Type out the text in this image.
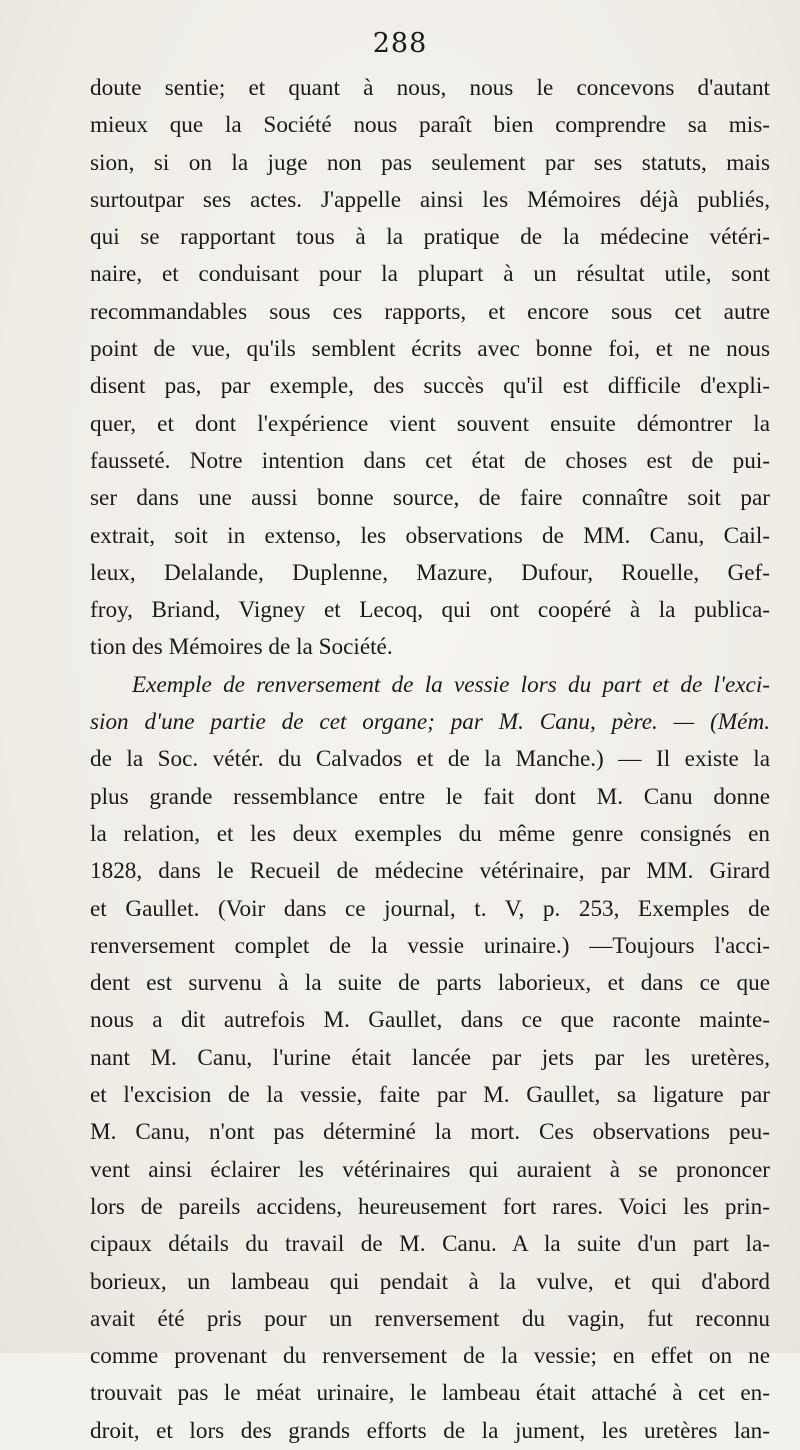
288
doute sentie; et quant à nous, nous le concevons d'autant
mieux que la Société nous paraît bien comprendre sa mis-
sion, si on la juge non pas seulement par ses statuts, mais
surtoutpar ses actes. J'appelle ainsi les Mémoires déjà publiés,
qui se rapportant tous à la pratique de la médecine vétéri-
naire, et conduisant pour la plupart à un résultat utile, sont
recommandables sous ces rapports, et encore sous cet autre
point de vue, qu'ils semblent écrits avec bonne foi, et ne nous
disent pas, par exemple, des succès qu'il est difficile d'expli-
quer, et dont l'expérience vient souvent ensuite démontrer la
fausseté. Notre intention dans cet état de choses est de pui-
ser dans une aussi bonne source, de faire connaître soit par
extrait, soit in extenso, les observations de MM. Canu, Cail-
leux, Delalande, Duplenne, Mazure, Dufour, Rouelle, Gef-
froy, Briand, Vigney et Lecoq, qui ont coopéré à la publica-
tion des Mémoires de la Société.
Exemple de renversement de la vessie lors du part et de l'exci-
sion d'une partie de cet organe; par M. Canu, père. — (Mém.
de la Soc. vétér. du Calvados et de la Manche.) — Il existe la
plus grande ressemblance entre le fait dont M. Canu donne
la relation, et les deux exemples du même genre consignés en
1828, dans le Recueil de médecine vétérinaire, par MM. Girard
et Gaullet. (Voir dans ce journal, t. V, p. 253, Exemples de
renversement complet de la vessie urinaire.) —Toujours l'acci-
dent est survenu à la suite de parts laborieux, et dans ce que
nous a dit autrefois M. Gaullet, dans ce que raconte mainte-
nant M. Canu, l'urine était lancée par jets par les uretères,
et l'excision de la vessie, faite par M. Gaullet, sa ligature par
M. Canu, n'ont pas déterminé la mort. Ces observations peu-
vent ainsi éclairer les vétérinaires qui auraient à se prononcer
lors de pareils accidens, heureusement fort rares. Voici les prin-
cipaux détails du travail de M. Canu. A la suite d'un part la-
borieux, un lambeau qui pendait à la vulve, et qui d'abord
avait été pris pour un renversement du vagin, fut reconnu
comme provenant du renversement de la vessie; en effet on ne
trouvait pas le méat urinaire, le lambeau était attaché à cet en-
droit, et lors des grands efforts de la jument, les uretères lan-
